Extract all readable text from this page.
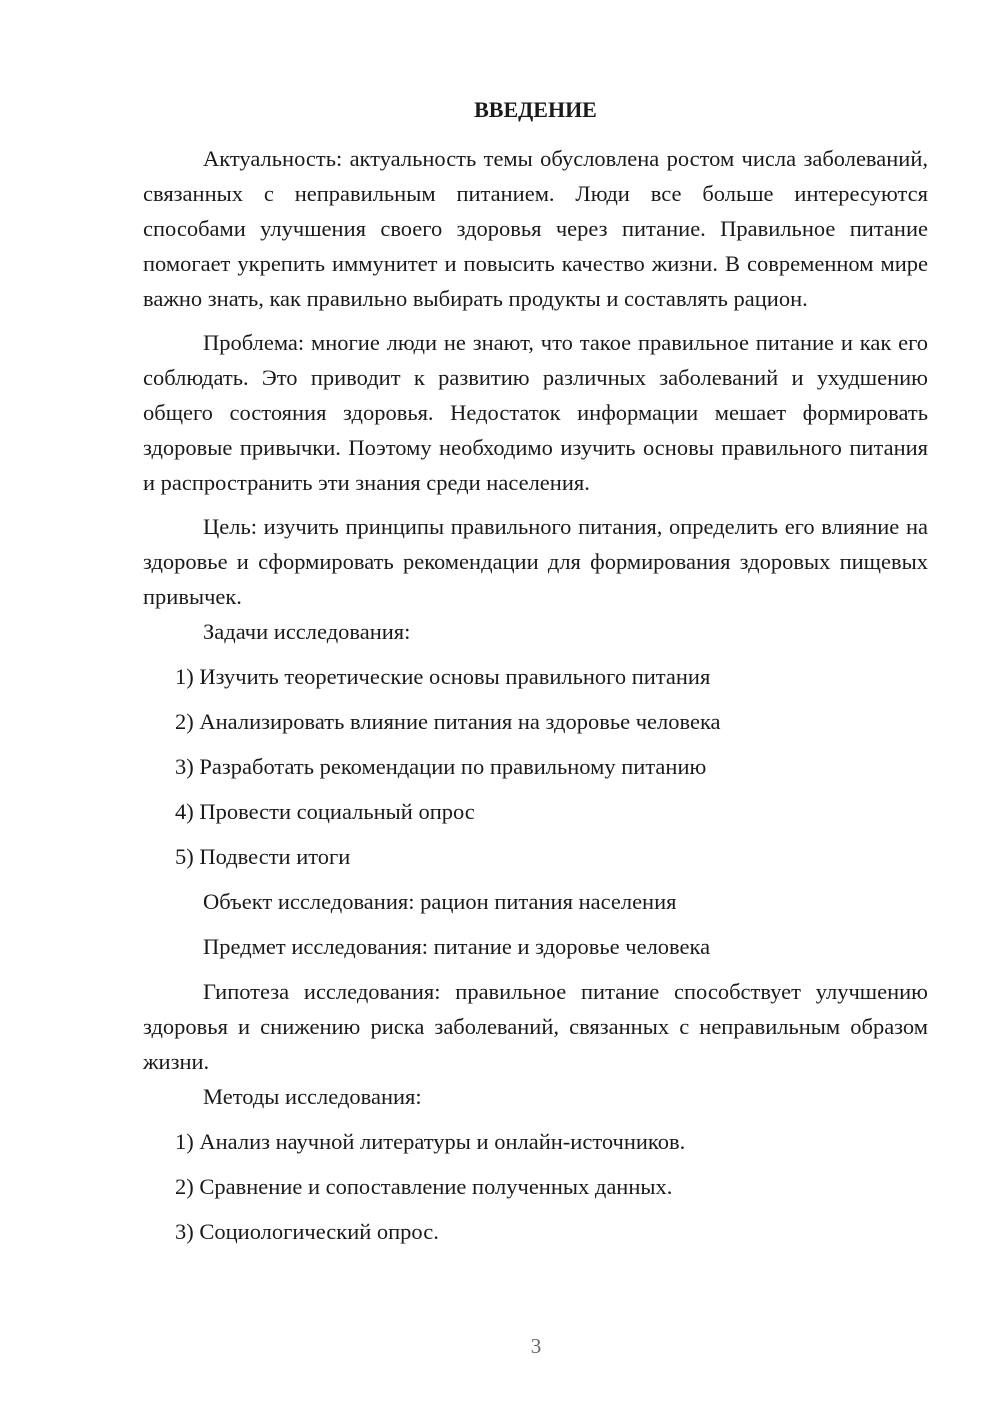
ВВЕДЕНИЕ

Актуальность: актуальность темы обусловлена ростом числа заболеваний, связанных с неправильным питанием. Люди все больше интересуются способами улучшения своего здоровья через питание. Правильное питание помогает укрепить иммунитет и повысить качество жизни. В современном мире важно знать, как правильно выбирать продукты и составлять рацион.

Проблема: многие люди не знают, что такое правильное питание и как его соблюдать. Это приводит к развитию различных заболеваний и ухудшению общего состояния здоровья. Недостаток информации мешает формировать здоровые привычки. Поэтому необходимо изучить основы правильного питания и распространить эти знания среди населения.

Цель: изучить принципы правильного питания, определить его влияние на здоровье и сформировать рекомендации для формирования здоровых пищевых привычек.

Задачи исследования:

1) Изучить теоретические основы правильного питания

2) Анализировать влияние питания на здоровье человека

3) Разработать рекомендации по правильному питанию

4) Провести социальный опрос

5) Подвести итоги

Объект исследования: рацион питания населения

Предмет исследования: питание и здоровье человека

Гипотеза исследования: правильное питание способствует улучшению здоровья и снижению риска заболеваний, связанных с неправильным образом жизни.

Методы исследования:

1) Анализ научной литературы и онлайн-источников.

2) Сравнение и сопоставление полученных данных.

3) Социологический опрос.

3
